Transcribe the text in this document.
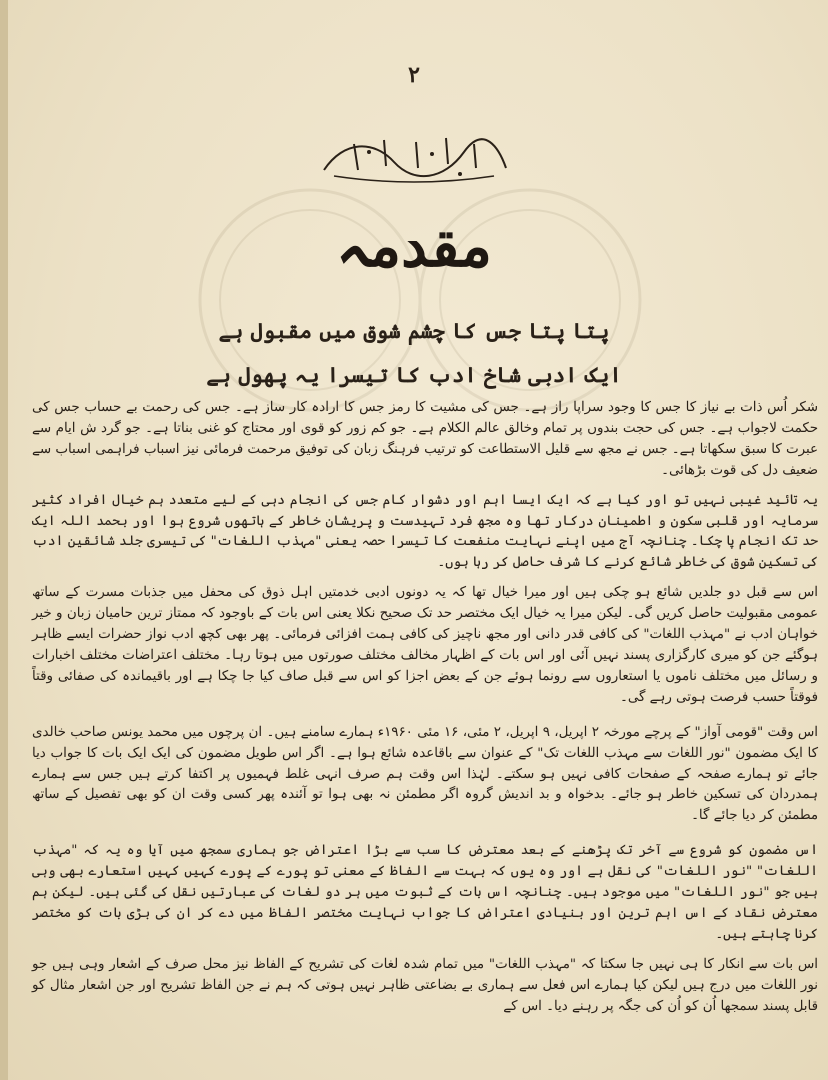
۲
مقدمہ
پتا پتا جس کا چشم شوق میں مقبول ہے
ایک ادبی شاخ ادب کا تیسرا یہ پھول ہے

شکر اُس ذات بے نیاز کا جس کا وجود سراپا راز ہے۔ جس کی مشیت کا رمز جس کا ارادہ کار ساز ہے۔ جس کی رحمت بے حساب جس کی حکمت لاجواب ہے۔ جس کی حجت بندوں پر تمام وخالق عالم الکلام ہے۔ جو کم زور کو قوی اور محتاج کو غنی بناتا ہے۔ جو گرد ش ایام سے عبرت کا سبق سکھاتا ہے۔ جس نے مجھ سے قلیل الاستطاعت کو ترتیب فرہنگ زبان کی توفیق مرحمت فرمائی نیز اسباب فراہمی اسباب سے ضعیف دل کی قوت بڑھائی۔

یہ تائید غیبی نہیں تو اور کیا ہے کہ ایک ایسا اہم اور دشوار کام جس کی انجام دہی کے لیے متعدد ہم خیال افراد کثیر سرمایہ اور قلبی سکون و اطمینان درکار تھا وہ مجھ فرد تہیدست و پریشان خاطر کے ہاتھوں شروع ہوا اور بحمد اللہ ایک حد تک انجام پا چکا۔ چنانچہ آج میں اپنے نہایت منفعت کا تیسرا حصہ یعنی "مہذب اللغات" کی تیسری جلد شائقین ادب کی تسکین شوق کی خاطر شائع کرنے کا شرف حاصل کر رہا ہوں۔

اس سے قبل دو جلدیں شائع ہو چکی ہیں اور میرا خیال تھا کہ یہ دونوں ادبی خدمتیں اہل ذوق کی محفل میں جذبات مسرت کے ساتھ عمومی مقبولیت حاصل کریں گی۔ لیکن میرا یہ خیال ایک مختصر حد تک صحیح نکلا یعنی اس بات کے باوجود کہ ممتاز ترین حامیان زبان و خیر خواہان ادب نے "مہذب اللغات" کی کافی قدر دانی اور مجھ ناچیز کی کافی ہمت افزائی فرمائی۔ پھر بھی کچھ ادب نواز حضرات ایسے ظاہر ہوگئے جن کو میری کارگزاری پسند نہیں آئی اور اس بات کے اظہار مخالف مختلف صورتوں میں ہوتا رہا۔ مختلف اعتراضات مختلف اخبارات و رسائل میں مختلف ناموں یا استعاروں سے رونما ہوئے جن کے بعض اجزا کو اس سے قبل صاف کیا جا چکا ہے اور باقیماندہ کی صفائی وقتاً فوقتاً حسب فرصت ہوتی رہے گی۔

اس وقت "قومی آواز" کے پرچے مورخہ ۲ اپریل، ۹ اپریل، ۲ مئی، ۱۶ مئی ۱۹۶۰ء ہمارے سامنے ہیں۔ ان پرچوں میں محمد یونس صاحب خالدی کا ایک مضمون "نور اللغات سے مہذب اللغات تک" کے عنوان سے باقاعدہ شائع ہوا ہے۔ اگر اس طویل مضمون کی ایک ایک بات کا جواب دیا جائے تو ہمارے صفحہ کے صفحات کافی نہیں ہو سکتے۔ لہٰذا اس وقت ہم صرف انہی غلط فہمیوں پر اکتفا کرتے ہیں جس سے ہمارے ہمدردان کی تسکین خاطر ہو جائے۔ بدخواہ و بد اندیش گروہ اگر مطمئن نہ بھی ہوا تو آئندہ پھر کسی وقت ان کو بھی تفصیل کے ساتھ مطمئن کر دیا جائے گا۔

اس مضمون کو شروع سے آخر تک پڑھنے کے بعد معترض کا سب سے بڑا اعتراض جو ہماری سمجھ میں آیا وہ یہ کہ "مہذب اللغات" "نور اللغات" کی نقل ہے اور وہ یوں کہ بہت سے الفاظ کے معنی تو پورے کے پورے کہیں کہیں استعارے بھی وہی ہیں جو "نور اللغات" میں موجود ہیں۔ چنانچہ اس بات کے ثبوت میں ہر دو لغات کی عبارتیں نقل کی گئی ہیں۔ لیکن ہم معترض نقاد کے اس اہم ترین اور بنیادی اعتراض کا جواب نہایت مختصر الفاظ میں دے کر ان کی بڑی بات کو مختصر کرنا چاہتے ہیں۔

اس بات سے انکار کا ہی نہیں جا سکتا کہ "مہذب اللغات" میں تمام شدہ لغات کی تشریح کے الفاظ نیز محل صرف کے اشعار وہی ہیں جو نور اللغات میں درج ہیں لیکن کیا ہمارے اس فعل سے ہماری بے بضاعتی ظاہر نہیں ہوتی کہ ہم نے جن الفاظ تشریح اور جن اشعار مثال کو قابل پسند سمجھا اُن کو اُن کی جگہ پر رہنے دیا۔ اس کے
